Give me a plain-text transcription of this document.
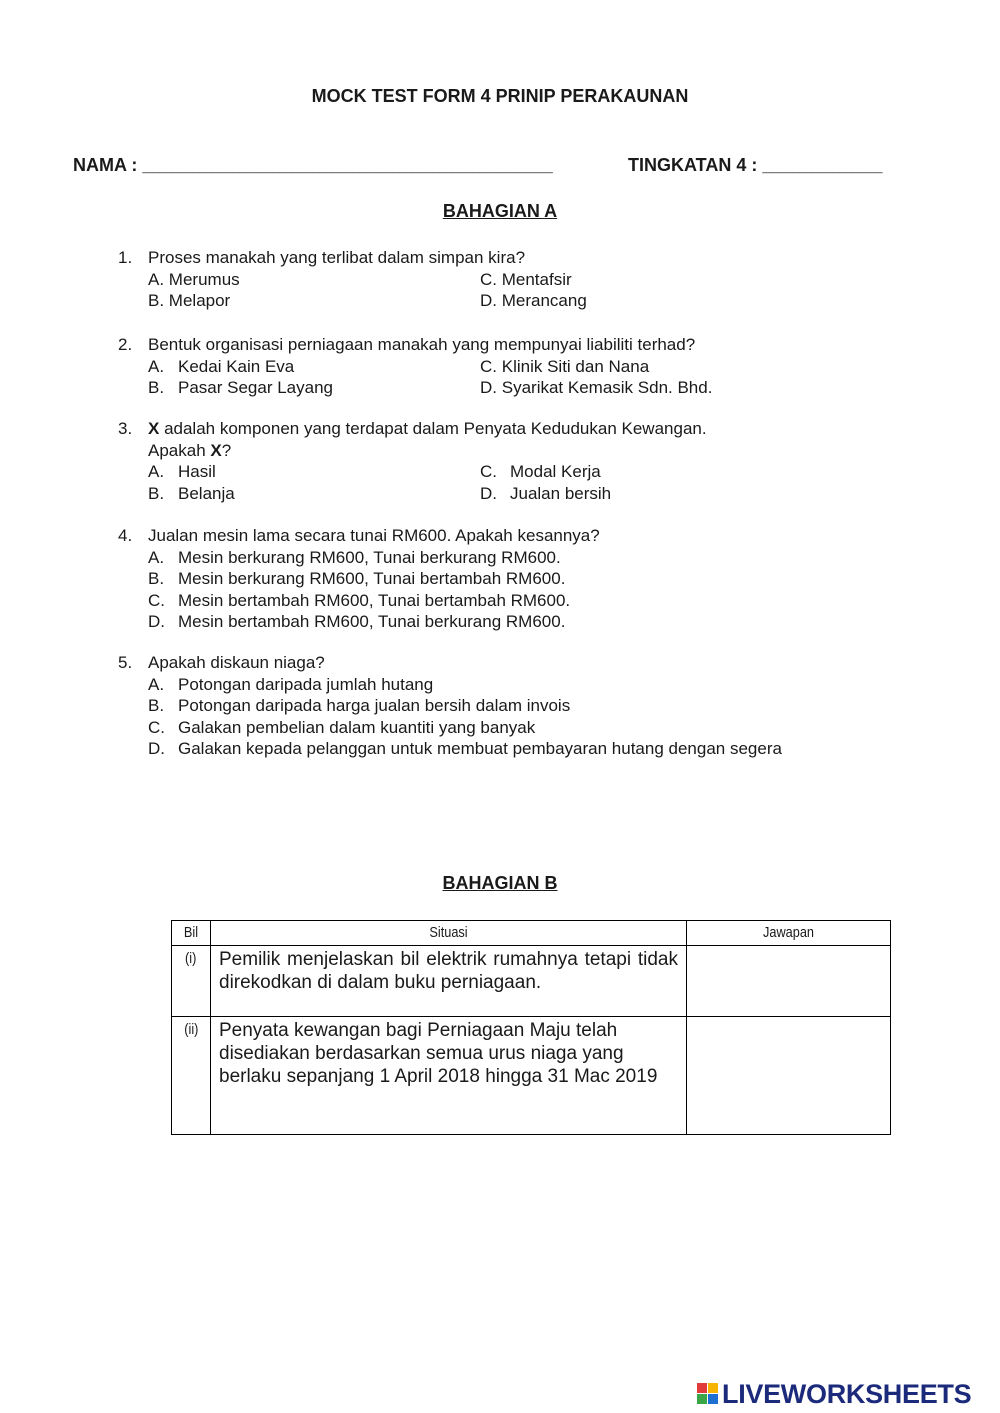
MOCK TEST FORM 4 PRINIP PERAKAUNAN
NAMA : _________________________________________	TINGKATAN 4 : ____________
BAHAGIAN A
1. Proses manakah yang terlibat dalam simpan kira?
A. Merumus	C. Mentafsir
B. Melapor	D. Merancang
2. Bentuk organisasi perniagaan manakah yang mempunyai liabiliti terhad?
A. Kedai Kain Eva	C. Klinik Siti dan Nana
B. Pasar Segar Layang	D. Syarikat Kemasik Sdn. Bhd.
3. X adalah komponen yang terdapat dalam Penyata Kedudukan Kewangan.
Apakah X?
A. Hasil	C. Modal Kerja
B. Belanja	D. Jualan bersih
4. Jualan mesin lama secara tunai RM600. Apakah kesannya?
A. Mesin berkurang RM600, Tunai berkurang RM600.
B. Mesin berkurang RM600, Tunai bertambah RM600.
C. Mesin bertambah RM600, Tunai bertambah RM600.
D. Mesin bertambah RM600, Tunai berkurang RM600.
5. Apakah diskaun niaga?
A. Potongan daripada jumlah hutang
B. Potongan daripada harga jualan bersih dalam invois
C. Galakan pembelian dalam kuantiti yang banyak
D. Galakan kepada pelanggan untuk membuat pembayaran hutang dengan segera
BAHAGIAN B
Bil	Situasi	Jawapan

(i)	Pemilik menjelaskan bil elektrik rumahnya tetapi tidak direkodkan di dalam buku perniagaan.	
(ii)	Penyata kewangan bagi Perniagaan Maju telah disediakan berdasarkan semua urus niaga yang berlaku sepanjang 1 April 2018 hingga 31 Mac 2019	
LIVEWORKSHEETS
